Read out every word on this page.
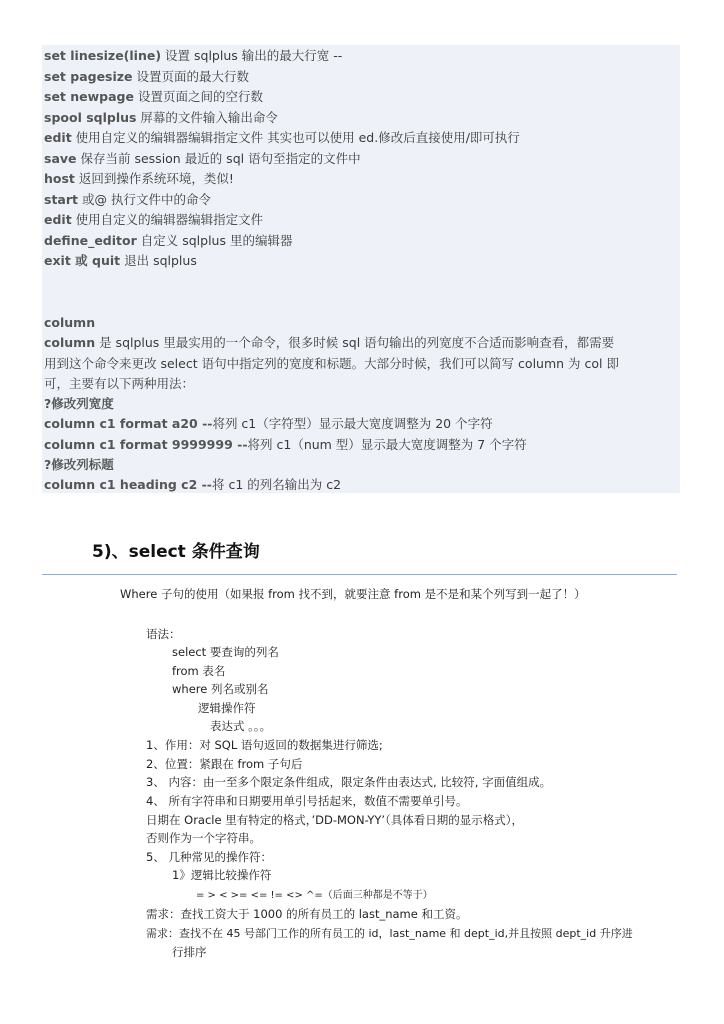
set linesize(line) 设置 sqlplus 输出的最大行宽 --
set pagesize 设置页面的最大行数
set newpage 设置页面之间的空行数
spool sqlplus 屏幕的文件输入输出命令
edit 使用自定义的编辑器编辑指定文件 其实也可以使用 ed.修改后直接使用/即可执行
save 保存当前 session 最近的 sql 语句至指定的文件中
host 返回到操作系统环境，类似!
start 或@ 执行文件中的命令
edit 使用自定义的编辑器编辑指定文件
define_editor 自定义 sqlplus 里的编辑器
exit 或 quit 退出 sqlplus
column
column 是 sqlplus 里最实用的一个命令，很多时候 sql 语句输出的列宽度不合适而影响查看，都需要
用到这个命令来更改 select 语句中指定列的宽度和标题。大部分时候，我们可以简写 column 为 col 即
可，主要有以下两种用法：
?修改列宽度
column c1 format a20 --将列 c1（字符型）显示最大宽度调整为 20 个字符
column c1 format 9999999 --将列 c1（num 型）显示最大宽度调整为 7 个字符
?修改列标题
column c1 heading c2 --将 c1 的列名输出为 c2
5)、select 条件查询
Where 子句的使用（如果报 from 找不到，就要注意 from 是不是和某个列写到一起了！）
语法：
select 要查询的列名
from 表名
where 列名或别名
逻辑操作符
表达式 。。。
1、作用：对 SQL 语句返回的数据集进行筛选;
2、位置：紧跟在 from 子句后
3、 内容：由一至多个限定条件组成，限定条件由表达式, 比较符, 字面值组成。
4、 所有字符串和日期要用单引号括起来，数值不需要单引号。
日期在 Oracle 里有特定的格式，’DD-MON-YY’（具体看日期的显示格式），
否则作为一个字符串。
5、 几种常见的操作符：
1》逻辑比较操作符
= > < >= <= != <> ^=（后面三种都是不等于）
需求：查找工资大于 1000 的所有员工的 last_name 和工资。
需求：查找不在 45 号部门工作的所有员工的 id，last_name 和 dept_id,并且按照 dept_id 升序进
行排序
